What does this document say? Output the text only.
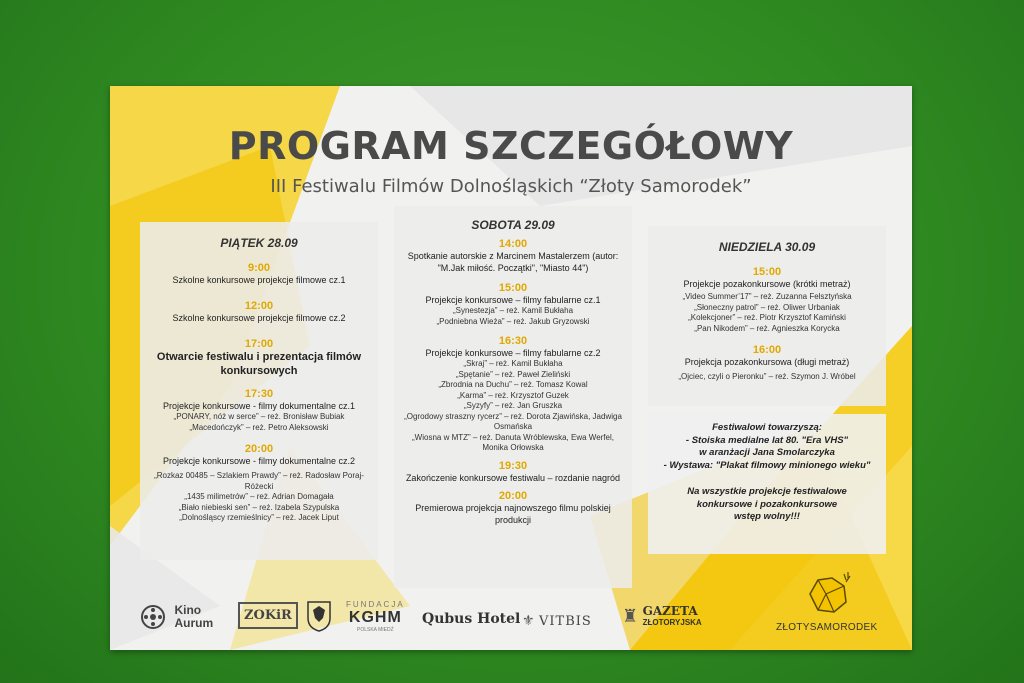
PROGRAM SZCZEGÓŁOWY
III Festiwalu Filmów Dolnośląskich “Złoty Samorodek”
PIĄTEK 28.09
9:00
Szkolne konkursowe projekcje filmowe cz.1
12:00
Szkolne konkursowe projekcje filmowe cz.2
17:00
Otwarcie festiwalu i prezentacja filmów konkursowych
17:30
Projekcje konkursowe - filmy dokumentalne cz.1
„PONARY, nóż w serce” – reż. Bronisław Bubiak
„Macedończyk” – reż. Petro Aleksowski
20:00
Projekcje konkursowe - filmy dokumentalne cz.2
„Rozkaz 00485 – Szlakiem Prawdy” – reż. Radosław Poraj-Różecki
„1435 milimetrów” – reż. Adrian Domagała
„Biało niebieski sen” – reż. Izabela Szypulska
„Dolnośląscy rzemieślnicy” – reż. Jacek Liput
SOBOTA 29.09
14:00
Spotkanie autorskie z Marcinem Mastalerzem (autor: "M.Jak miłość. Początki", "Miasto 44")
15:00
Projekcje konkursowe – filmy fabularne cz.1
„Synestezja” – reż. Kamil Bukłaha
„Podniebna Wieża” – reż. Jakub Gryzowski
16:30
Projekcje konkursowe – filmy fabularne cz.2
„Skraj” – reż. Kamil Bukłaha
„Spętanie” – reż. Paweł Zieliński
„Zbrodnia na Duchu” – reż. Tomasz Kowal
„Karma” – reż. Krzysztof Guzek
„Syzyfy” – reż. Jan Gruszka
„Ogrodowy straszny rycerz” – reż. Dorota Zjawińska, Jadwiga Osmańska
„Wiosna w MTZ” – reż. Danuta Wróblewska, Ewa Werfel, Monika Orłowska
19:30
Zakończenie konkursowe festiwalu – rozdanie nagród
20:00
Premierowa projekcja najnowszego filmu polskiej produkcji
NIEDZIELA 30.09
15:00
Projekcje pozakonkursowe (krótki metraż)
„Video Summer’17” – reż. Zuzanna Felsztyńska
„Słoneczny patrol” – reż. Oliwer Urbaniak
„Kolekcjoner” – reż. Piotr Krzysztof Kamiński
„Pan Nikodem” – reż. Agnieszka Korycka
16:00
Projekcja pozakonkursowa (długi metraż)
„Ojciec, czyli o Pieronku” – reż. Szymon J. Wróbel
Festiwalowi towarzyszą:
- Stoiska medialne lat 80. "Era VHS"
w aranżacji Jana Smolarczyka
- Wystawa: "Plakat filmowy minionego wieku"
Na wszystkie projekcje festiwalowe
konkursowe i pozakonkursowe
wstęp wolny!!!
Kino Aurum	ZOKiR
FUNDACJA
KGHM
POLSKA MIEDŹ
Qubus Hotel ⚜ VITBIS ♜ GAZETA
ZŁOTORYJSKA	ZŁOTYSAMORODEK
